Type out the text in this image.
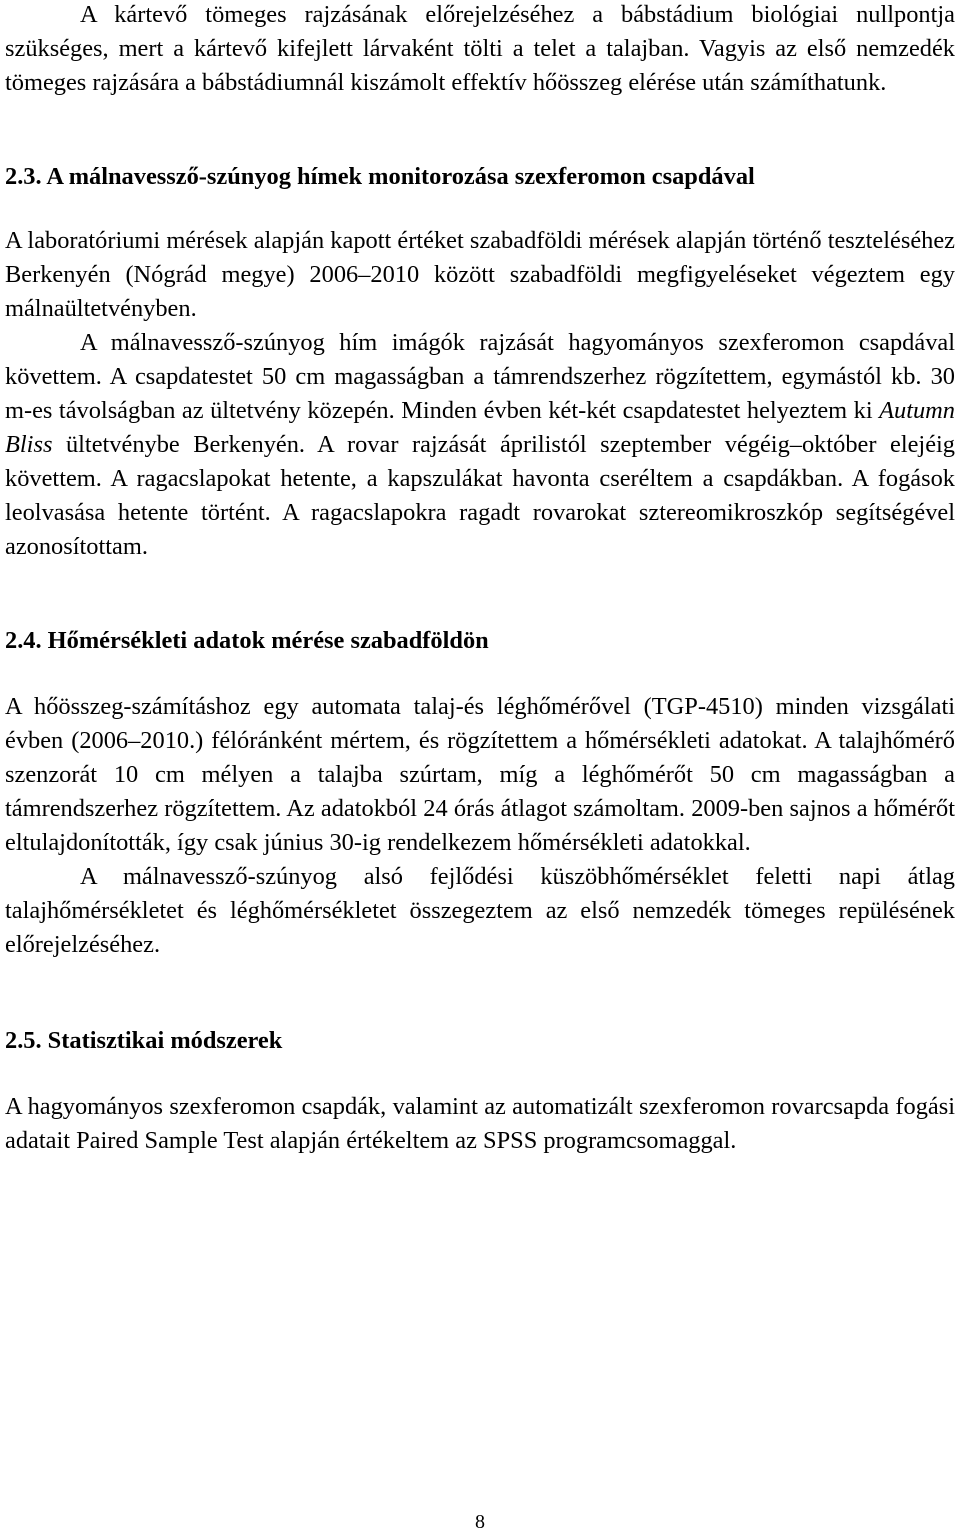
A kártevő tömeges rajzásának előrejelzéséhez a bábstádium biológiai nullpontja szükséges, mert a kártevő kifejlett lárvaként tölti a telet a talajban. Vagyis az első nemzedék tömeges rajzására a bábstádiumnál kiszámolt effektív hőösszeg elérése után számíthatunk.

2.3. A málnavessző-szúnyog hímek monitorozása szexferomon csapdával

A laboratóriumi mérések alapján kapott értéket szabadföldi mérések alapján történő teszteléséhez Berkenyén (Nógrád megye) 2006–2010 között szabadföldi megfigyeléseket végeztem egy málnaültetvényben.

A málnavessző-szúnyog hím imágók rajzását hagyományos szexferomon csapdával követtem. A csapdatestet 50 cm magasságban a támrendszerhez rögzítettem, egymástól kb. 30 m-es távolságban az ültetvény közepén. Minden évben két-két csapdatestet helyeztem ki Autumn Bliss ültetvénybe Berkenyén. A rovar rajzását áprilistól szeptember végéig–október elejéig követtem. A ragacslapokat hetente, a kapszulákat havonta cseréltem a csapdákban. A fogások leolvasása hetente történt. A ragacslapokra ragadt rovarokat sztereomikroszkóp segítségével azonosítottam.

2.4. Hőmérsékleti adatok mérése szabadföldön

A hőösszeg-számításhoz egy automata talaj-és léghőmérővel (TGP-4510) minden vizsgálati évben (2006–2010.) félóránként mértem, és rögzítettem a hőmérsékleti adatokat. A talajhőmérő szenzorát 10 cm mélyen a talajba szúrtam, míg a léghőmérőt 50 cm magasságban a támrendszerhez rögzítettem. Az adatokból 24 órás átlagot számoltam. 2009-ben sajnos a hőmérőt eltulajdonították, így csak június 30-ig rendelkezem hőmérsékleti adatokkal.

A málnavessző-szúnyog alsó fejlődési küszöbhőmérséklet feletti napi átlag talajhőmérsékletet és léghőmérsékletet összegeztem az első nemzedék tömeges repülésének előrejelzéséhez.

2.5. Statisztikai módszerek

A hagyományos szexferomon csapdák, valamint az automatizált szexferomon rovarcsapda fogási adatait Paired Sample Test alapján értékeltem az SPSS programcsomaggal.

8
